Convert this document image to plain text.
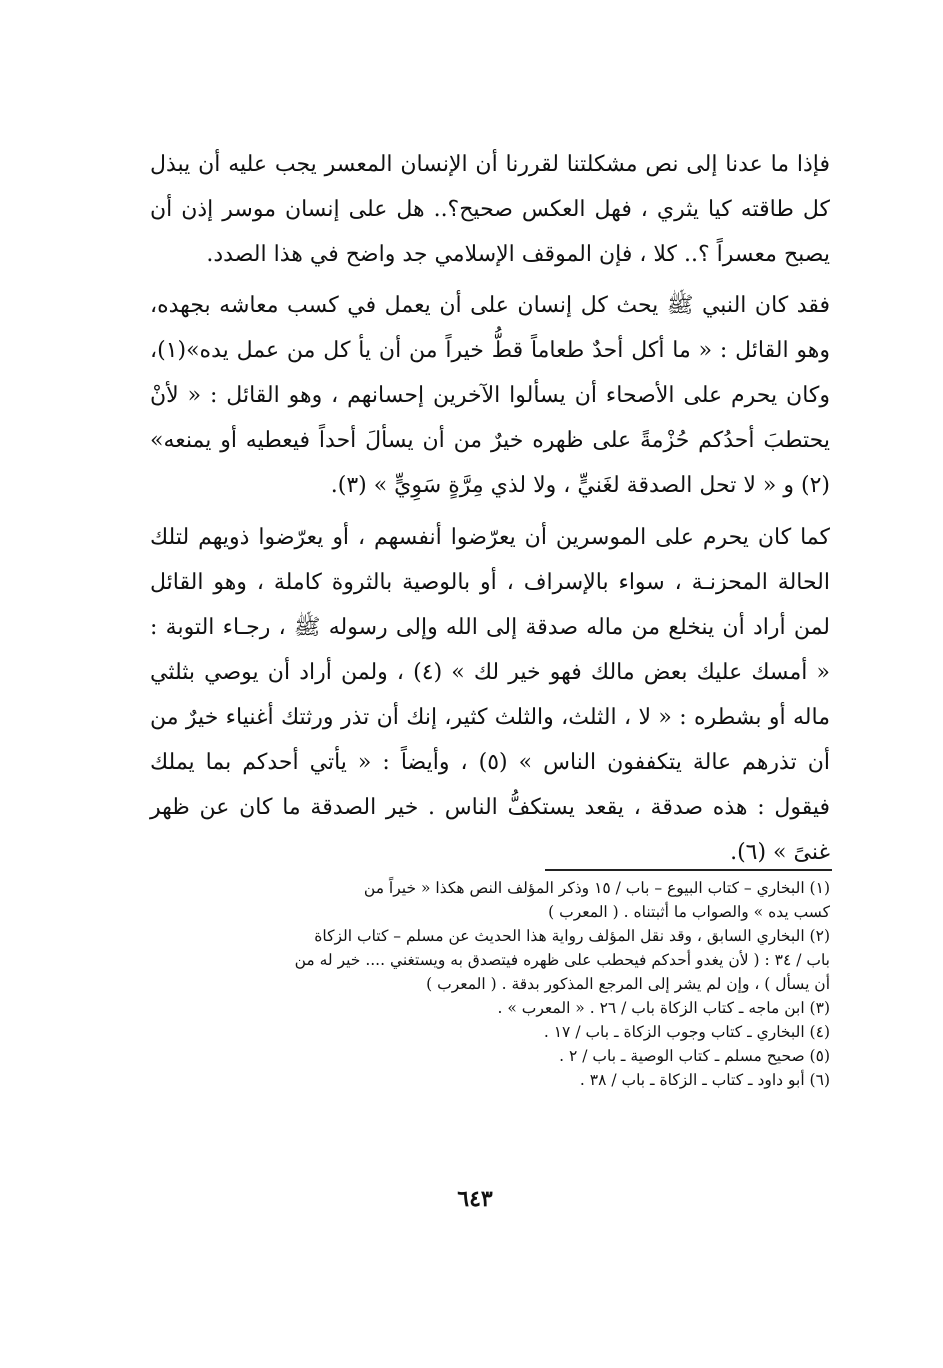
فإذا ما عدنا إلى نص مشكلتنا لقررنا أن الإنسان المعسر يجب عليه أن يبذل كل طاقته كيا يثري ، فهل العكس صحيح؟.. هل على إنسان موسر إذن أن يصبح معسراً ؟.. كلا ، فإن الموقف الإسلامي جد واضح في هذا الصدد.

فقد كان النبي ﷺ يحث كل إنسان على أن يعمل في كسب معاشه بجهده، وهو القائل : « ما أكل أحدٌ طعاماً قطُّ خيراً من أن يأ كل من عمل يده»(١)، وكان يحرم على الأصحاء أن يسألوا الآخرين إحسانهم ، وهو القائل : « لأنْ يحتطبَ أحدُكم حُزْمةً على ظهره خيرٌ من أن يسألَ أحداً فيعطيه أو يمنعه» (٢) و « لا تحل الصدقة لغَنيٍّ ، ولا لذي مِرَّةٍ سَوِيٍّ » (٣).

كما كان يحرم على الموسرين أن يعرّضوا أنفسهم ، أو يعرّضوا ذويهم لتلك الحالة المحزنـة ، سواء بالإسراف ، أو بالوصية بالثروة كاملة ، وهو القائل لمن أراد أن ينخلع من ماله صدقة إلى الله وإلى رسوله ﷺ ، رجـاء التوبة : « أمسك عليك بعض مالك فهو خير لك » (٤) ، ولمن أراد أن يوصي بثلثي ماله أو بشطره : « لا ، الثلث، والثلث كثير، إنك أن تذر ورثتك أغنياء خيرٌ من أن تذرهم عالة يتكففون الناس » (٥) ، وأيضاً : « يأتي أحدكم بما يملك فيقول : هذه صدقة ، يقعد يستكفُّ الناس . خير الصدقة ما كان عن ظهر غنىً » (٦).

(١) البخاري – كتاب البيوع – باب / ١٥ وذكر المؤلف النص هكذا « خيراً من
كسب يده » والصواب ما أثبتناه . ( المعرب )
(٢) البخاري السابق ، وقد نقل المؤلف رواية هذا الحديث عن مسلم – كتاب الزكاة
باب / ٣٤ : ( لأن يغدو أحدكم فيحطب على ظهره فيتصدق به ويستغني .... خير له من
أن يسأل ) ، وإن لم يشر إلى المرجع المذكور بدقة . ( المعرب )
(٣) ابن ماجه ـ كتاب الزكاة باب / ٢٦ . « المعرب » .
(٤) البخاري ـ كتاب وجوب الزكاة ـ باب / ١٧ .
(٥) صحيح مسلم ـ كتاب الوصية ـ باب / ٢ .
(٦) أبو داود ـ كتاب ـ الزكاة ـ باب / ٣٨ .
٦٤٣
